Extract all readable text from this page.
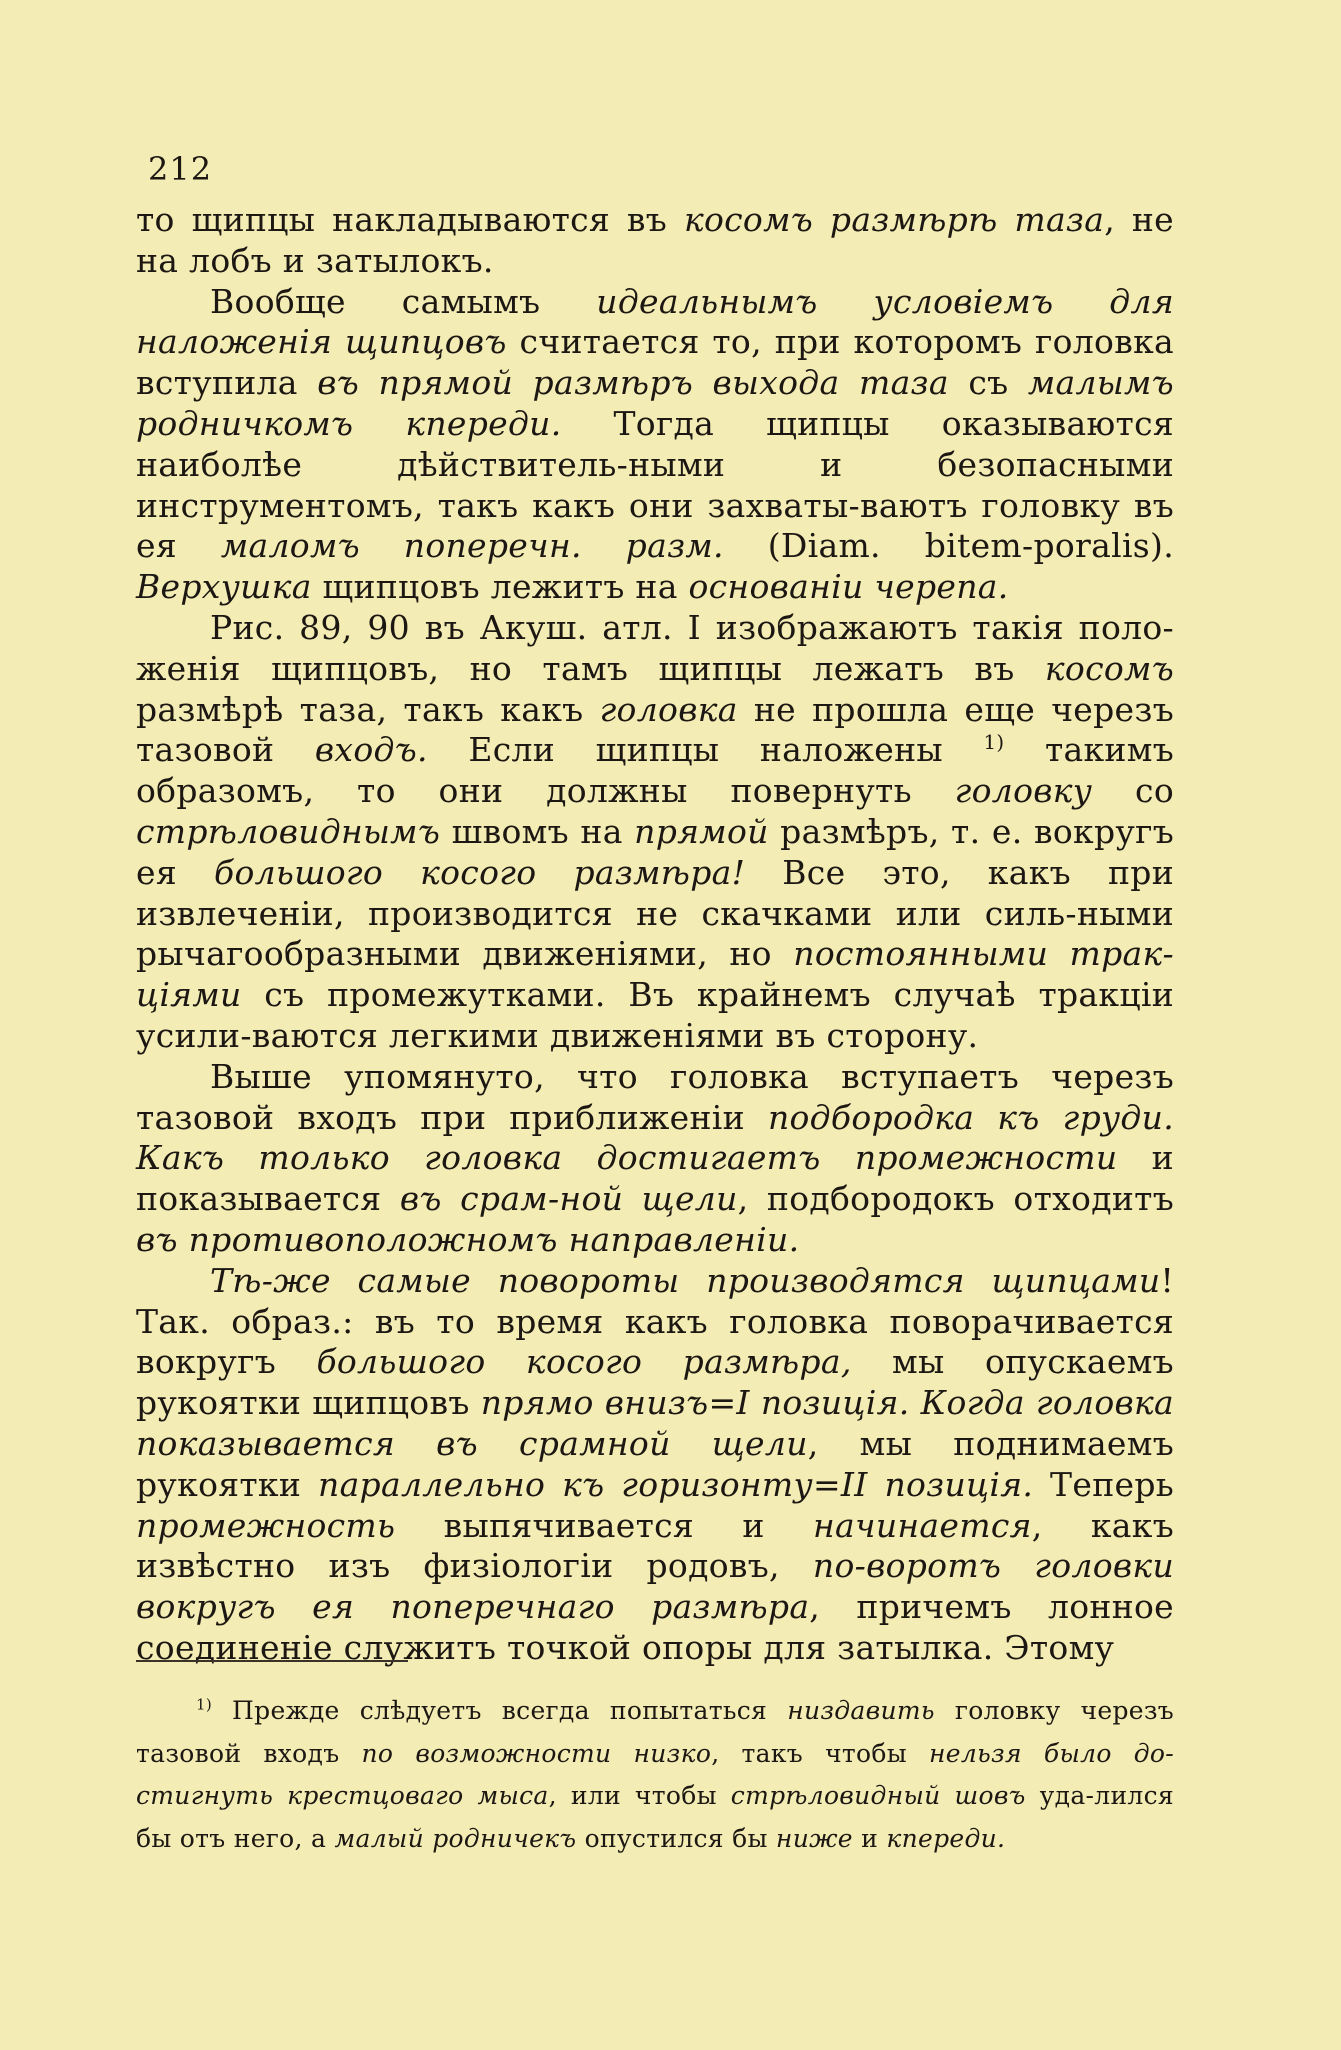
212

то щипцы накладываются въ косомъ размѣрѣ таза, не на лобъ и затылокъ.

Вообще самымъ идеальнымъ условіемъ для наложенія щипцовъ считается то, при которомъ головка вступила въ прямой размѣръ выхода таза съ малымъ родничкомъ кпереди. Тогда щипцы оказываются наиболѣе дѣйствитель-ными и безопасными инструментомъ, такъ какъ они захваты-ваютъ головку въ ея маломъ поперечн. разм. (Diam. bitem-poralis). Верхушка щипцовъ лежитъ на основаніи черепа.

Рис. 89, 90 въ Акуш. атл. I изображаютъ такія поло-женія щипцовъ, но тамъ щипцы лежатъ въ косомъ размѣрѣ таза, такъ какъ головка не прошла еще черезъ тазовой входъ. Если щипцы наложены $^{1)}$ такимъ образомъ, то они должны повернуть головку со стрѣловиднымъ швомъ на прямой размѣръ, т. е. вокругъ ея большого косого размѣра! Все это, какъ при извлеченіи, производится не скачками или силь-ными рычагообразными движеніями, но постоянными трак-ціями съ промежутками. Въ крайнемъ случаѣ тракціи усили-ваются легкими движеніями въ сторону.

Выше упомянуто, что головка вступаетъ черезъ тазовой входъ при приближеніи подбородка къ груди. Какъ только головка достигаетъ промежности и показывается въ срам-ной щели, подбородокъ отходитъ въ противоположномъ направленіи.

Тѣ-же самые повороты производятся щипцами! Так. образ.: въ то время какъ головка поворачивается вокругъ большого косого размѣра, мы опускаемъ рукоятки щипцовъ прямо внизъ=I позиція. Когда головка показывается въ срамной щели, мы поднимаемъ рукоятки параллельно къ горизонту=II позиція. Теперь промежность выпячивается и начинается, какъ извѣстно изъ физіологіи родовъ, по-воротъ головки вокругъ ея поперечнаго размѣра, причемъ лонное соединеніе служитъ точкой опоры для затылка. Этому

$^{1)}$ Прежде слѣдуетъ всегда попытаться низдавить головку черезъ тазовой входъ по возможности низко, такъ чтобы нельзя было до-стигнуть крестцоваго мыса, или чтобы стрѣловидный шовъ уда-лился бы отъ него, а малый родничекъ опустился бы ниже и кпереди.
